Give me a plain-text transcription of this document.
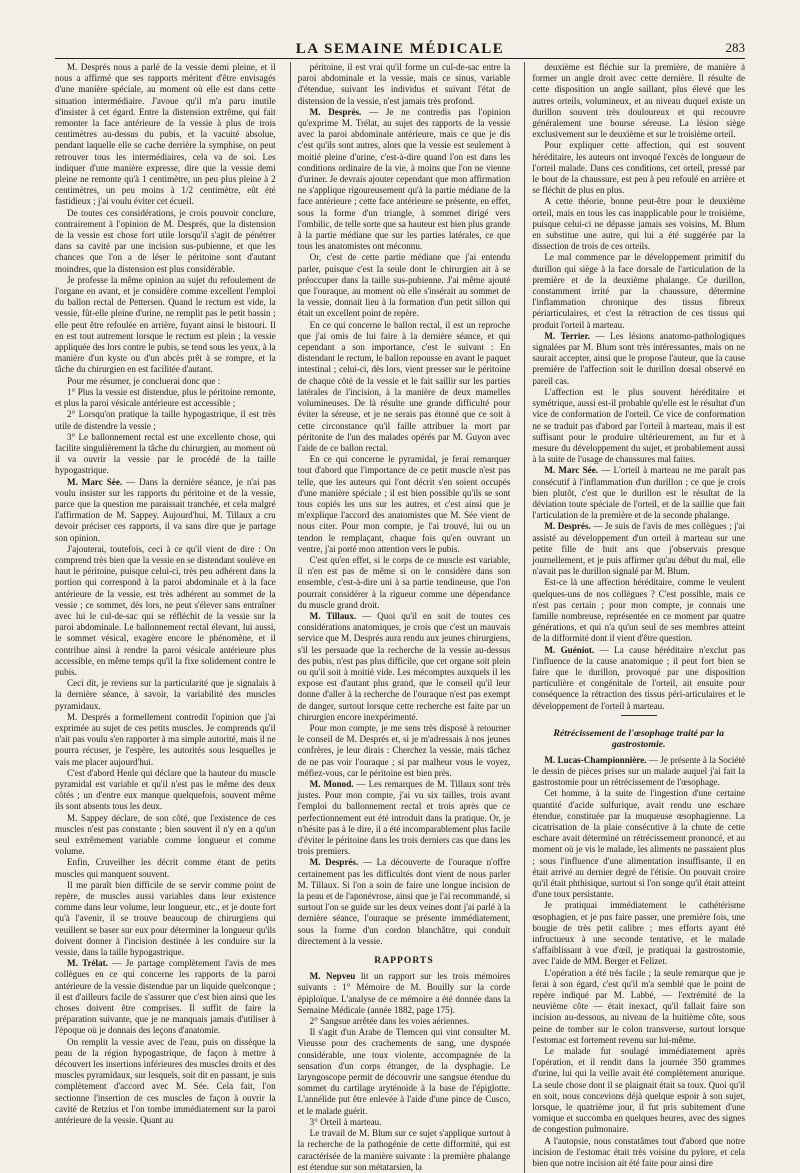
LA SEMAINE MÉDICALE	283

M. Després nous a parlé de la vessie demi pleine, et il nous a affirmé que ses rapports méritent d'être envisagés d'une manière spéciale, au moment où elle est dans cette situation intermédiaire. J'avoue qu'il m'a paru inutile d'insister à cet égard. Entre la distension extrême, qui fait remonter la face antérieure de la vessie à plus de trois centimètres au-dessus du pubis, et la vacuité absolue, pendant laquelle elle se cache derrière la symphise, on peut retrouver tous les intermédiaires, cela va de soi. Les indiquer d'une manière expresse, dire que la vessie demi pleine ne remonte qu'à 1 centimètre, un peu plus pleine à 2 centimètres, un peu moins à 1/2 centimètre, eût été fastidieux ; j'ai voulu éviter cet écueil.

De toutes ces considérations, je crois pouvoir conclure, contrairement à l'opinion de M. Després, que la distension de la vessie est chose fort utile lorsqu'il s'agit de pénétrer dans sa cavité par une incision sus-pubienne, et que les chances que l'on a de léser le péritoine sont d'autant moindres, que la distension est plus considérable.

Je professe la même opinion au sujet du refoulement de l'organe en avant, et je considère comme excellent l'emploi du ballon rectal de Pettersen. Quand le rectum est vide, la vessie, fût-elle pleine d'urine, ne remplit pas le petit bassin ; elle peut être refoulée en arrière, fuyant ainsi le bistouri. Il en est tout autrement lorsque le rectum est plein ; la vessie appliquée des lors contre le pubis, se tend sous les yeux, à la manière d'un kyste ou d'un abcès prêt à se rompre, et la tâche du chirurgien en est facilitée d'autant.

Pour me résumer, je concluerai donc que :

1° Plus la vessie est distendue, plus le péritoine remonte, et plus la paroi vésicale antérieure est accessible ;

2° Lorsqu'on pratique la taille hypogastrique, il est très utile de distendre la vessie ;

3° Le ballonnement rectal est une excellente chose, qui facilite singulièrement la tâche du chirurgien, au moment où il va ouvrir la vessie par le procédé de la taille hypogastrique.

M. Marc Sée. — Dans la dernière séance, je n'ai pas voulu insister sur les rapports du péritoine et de la vessie, parce que la question me paraissait tranchée, et cela malgré l'affirmation de M. Sappey. Aujourd'hui, M. Tillaux a cru devoir préciser ces rapports, il va sans dire que je partage son opinion.

J'ajouterai, toutefois, ceci à ce qu'il vient de dire : On comprend très bien que la vessie en se distendant soulève en haut le péritoine, puisque celui-ci, très peu adhérent dans la portion qui correspond à la paroi abdominale et à la face antérieure de la vessie, est très adhérent au sommet de la vessie ; ce sommet, dès lors, ne peut s'élever sans entraîner avec lui le cul-de-sac qui se réfléchit de la vessie sur la paroi abdominale. Le ballonnement rectal élevant, lui aussi, le sommet vésical, exagère encore le phénomène, et il contribue ainsi à rendre la paroi vésicale antérieure plus accessible, en même temps qu'il la fixe solidement contre le pubis.

Ceci dit, je reviens sur la particularité que je signalais à la dernière séance, à savoir, la variabilité des muscles pyramidaux.

M. Després a formellement contredit l'opinion que j'ai exprimée au sujet de ces petits muscles. Je comprends qu'il n'ait pas voulu s'en rapporter à ma simple autorité, mais il ne pourra récuser, je l'espère, les autorités sous lesquelles je vais me placer aujourd'hui.

C'est d'abord Henle qui déclare que la hauteur du muscle pyramidal est variable et qu'il n'est pas le même des deux côtés ; un d'entre eux manque quelquefois, souvent même ils sont absents tous les deux.

M. Sappey déclare, de son côté, que l'existence de ces muscles n'est pas constante ; bien souvent il n'y en a qu'un seul extrêmement variable comme longueur et comme volume.

Enfin, Cruveilher les décrit comme étant de petits muscles qui manquent souvent.

Il me paraît bien difficile de se servir comme point de repère, de muscles aussi variables dans leur existence comme dans leur volume, leur longueur, etc., et je doute fort qu'à l'avenir, il se trouve beaucoup de chirurgiens qui veuillent se baser sur eux pour déterminer la longueur qu'ils doivent donner à l'incision destinée à les conduire sur la vessie, dans la taille hypogastrique.

M. Trélat. — Je partage complètement l'avis de mes collègues en ce qui concerne les rapports de la paroi antérieure de la vessie distendue par un liquide quelconque ; il est d'ailleurs facile de s'assurer que c'est bien ainsi que les choses doivent être comprises. Il suffit de faire la préparation suivante, que je ne manquais jamais d'utiliser à l'époque où je donnais des leçons d'anatomie.

On remplit la vessie avec de l'eau, puis on dissèque la peau de la région hypogastrique, de façon à mettre à découvert les insertions inférieures des muscles droits et des muscles pyramidaux, sur lesquels, soit dit en passant, je suis complètement d'accord avec M. Sée. Cela fait, l'on sectionne l'insertion de ces muscles de façon à ouvrir la cavité de Retzius et l'on tombe immédiatement sur la paroi antérieure de la vessie. Quant au

péritoine, il est vrai qu'il forme un cul-de-sac entre la paroi abdominale et la vessie, mais ce sinus, variable d'étendue, suivant les individus et suivant l'état de distension de la vessie, n'est jamais très profond.

M. Després. — Je ne contredis pas l'opinion qu'exprime M. Trélat, au sujet des rapports de la vessie avec la paroi abdominale antérieure, mais ce que je dis c'est qu'ils sont autres, alors que la vessie est seulement à moitié pleine d'urine, c'est-à-dire quand l'on est dans les conditions ordinaire de la vie, à moins que l'on ne vienne d'uriner. Je devrais ajouter cependant que mon affirmation ne s'applique rigoureusement qu'à la partie médiane de la face antérieure ; cette face antérieure se présente, en effet, sous la forme d'un triangle, à sommet dirigé vers l'ombilic, de telle sorte que sa hauteur est bien plus grande à la partie médiane que sur les parties latérales, ce que tous les anatomistes ont méconnu.

Or, c'est de cette partie médiane que j'ai entendu parler, puisque c'est la seule dont le chirurgien ait à se préoccuper dans la taille sus-pubienne. J'ai même ajouté que l'ouraque, au moment où elle s'insérait au sommet de la vessie, donnait lieu à la formation d'un petit sillon qui était un excellent point de repère.

En ce qui concerne le ballon rectal, il est un reproche que j'ai omis de lui faire à la dernière séance, et qui cependant a son importance, c'est le suivant : En distendant le rectum, le ballon repousse en avant le paquet intestinal ; celui-ci, dès lors, vient presser sur le péritoine de chaque côté de la vessie et le fait saillir sur les parties latérales de l'incision, à la manière de deux mamelles volumineuses. De là résulte une grande difficulté pour éviter la séreuse, et je ne serais pas étonné que ce soit à cette circonstance qu'il faille attribuer la mort par péritonite de l'un des malades opérés par M. Guyon avec l'aide de ce ballon rectal.

En ce qui concerne le pyramidal, je ferai remarquer tout d'abord que l'importance de ce petit muscle n'est pas telle, que les auteurs qui l'ont décrit s'en soient occupés d'une manière spéciale ; il est bien possible qu'ils se sont tous copiés les uns sur les autres, et c'est ainsi que je m'explique l'accord des anatomistes que M. Sée vient de nous citer. Pour mon compte, je l'ai trouvé, lui ou un tendon le remplaçant, chaque fois qu'en ouvrant un ventre, j'ai porté mon attention vers le pubis.

C'est qu'en effet, si le corps de ce muscle est variable, il n'en est pas de même si on le considère dans son ensemble, c'est-à-dire uni à sa partie tendineuse, que l'on pourrait considérer à la rigueur comme une dépendance du muscle grand droit.

M. Tillaux. — Quoi qu'il en soit de toutes ces considérations anatomiques, je crois que c'est un mauvais service que M. Després aura rendu aux jeunes chirurgiens, s'il les persuade que la recherche de la vessie au-dessus des pubis, n'est pas plus difficile, que cet organe soit plein ou qu'il soit à moitié vide. Les mécomptes auxquels il les expose est d'autant plus grand, que le conseil qu'il leur donne d'aller à la recherche de l'ouraque n'est pas exempt de danger, surtout lorsque cette recherche est faite par un chirurgien encore inexpérimenté.

Pour mon compte, je me sens très disposé à retourner le conseil de M. Després et, si je m'adressais à nos jeunes confrères, je leur dirais : Cherchez la vessie, mais tâchez de ne pas voir l'ouraque ; si par malheur vous le voyez, méfiez-vous, car le péritoine est bien près.

M. Monod. — Les remarques de M. Tillaux sont très justes. Pour mon compte, j'ai vu six tailles, trois avant l'emploi du ballonnement rectal et trois après que ce perfectionnement eut été introduit dans la pratique. Or, je n'hésite pas à le dire, il a été incomparablement plus facile d'éviter le péritoine dans les trois derniers cas que dans les trois premiers.

M. Després. — La découverte de l'ouraque n'offre certainement pas les difficultés dont vient de nous parler M. Tillaux. Si l'on a soin de faire une longue incision de la peau et de l'aponévrose, ainsi que je l'ai recommandé, si surtout l'on se guide sur les deux veines dont j'ai parlé à la dernière séance, l'ouraque se présente immédiatement, sous la forme d'un cordon blanchâtre, qui conduit directement à la vessie.

RAPPORTS

M. Nepveu lit un rapport sur les trois mémoires suivants : 1° Mémoire de M. Bouilly sur la corde épiploïque. L'analyse de ce mémoire a été donnée dans la Semaine Médicale (année 1882, page 175).

2° Sangsue arrêtée dans les voies aériennes.

Il s'agit d'un Arabe de Tlemcen qui vint consulter M. Vieusse pour des crachements de sang, une dyspnée considérable, une toux violente, accompagnée de la sensation d'un corps étranger, de la dysphagie. Le laryngoscope permit de découvrir une sangsue étendue du sommet du cartilage aryténoïde à la base de l'épiglotte. L'annélide put être enlevée à l'aide d'une pince de Cusco, et le malade guérit.

3° Orteil à marteau.

Le travail de M. Blum sur ce sujet s'applique surtout à la recherche de la pathogénie de cette difformité, qui est caractérisée de la manière suivante : la première phalange est étendue sur son métatarsien, la

deuxième est fléchie sur la première, de manière à former un angle droit avec cette dernière. Il résulte de cette disposition un angle saillant, plus élevé que les autres orteils, volumineux, et au niveau duquel existe un durillon souvent très douloureux et qui recouvre généralement une bourse séreuse. La lésion siège exclusivement sur le deuxième et sur le troisième orteil.

Pour expliquer cette affection, qui est souvent héréditaire, les auteurs ont invoqué l'excès de longueur de l'orteil malade. Dans ces conditions, cet orteil, pressé par le bout de la chaussure, est peu à peu refoulé en arrière et se fléchit de plus en plus.

A cette théorie, bonne peut-être pour le deuxième orteil, mais en tous les cas inapplicable pour le troisième, puisque celui-ci ne dépasse jamais ses voisins, M. Blum en substitue une autre, qui lui a été suggérée par la dissection de trois de ces orteils.

Le mal commence par le développement primitif du durillon qui siège à la face dorsale de l'articulation de la première et de la deuxième phalange. Ce durillon, constamment irrité par la chaussure, détermine l'inflammation chronique des tissus fibreux périarticulaires, et c'est la rétraction de ces tissus qui produit l'orteil à marteau.

M. Terrier. — Les lésions anatomo-pathologiques signalées par M. Blum sont très intéressantes, mais on ne saurait accepter, ainsi que le propose l'auteur, que la cause première de l'affection soit le durillon dorsal observé en pareil cas.

L'affection est le plus souvent héréditaire et symétrique, aussi est-il probable qu'elle est le résultat d'un vice de conformation de l'orteil. Ce vice de conformation ne se traduit pas d'abord par l'orteil à marteau, mais il est suffisant pour le produire ultérieurement, au fur et à mesure du développement du sujet, et probablement aussi à la suite de l'usage de chaussures mal faites.

M. Marc Sée. — L'orteil à marteau ne me paraît pas consécutif à l'inflammation d'un durillon ; ce que je crois bien plutôt, c'est que le durillon est le résultat de la déviation toute spéciale de l'orteil, et de la saillie que fait l'articulation de la première et de la seconde phalange.

M. Després. — Je suis de l'avis de mes collègues ; j'ai assisté au développement d'un orteil à marteau sur une petite fille de huit ans que j'observais presque journellement, et je puis affirmer qu'au début du mal, elle n'avait pas le durillon signalé par M. Blum.

Est-ce là une affection héréditaire, comme le veulent quelques-uns de nos collègues ? C'est possible, mais ce n'est pas certain ; pour mon compte, je connais une famille nombreuse, représentée en ce moment par quatre générations, et qui n'a qu'un seul de ses membres atteint de la difformité dont il vient d'être question.

M. Guéniot. — La cause héréditaire n'exclut pas l'influence de la cause anatomique ; il peut fort bien se faire que le durillon, provoqué par une disposition particulière et congénitale de l'orteil, ait ensuite pour conséquence la rétraction des tissus péri-articulaires et le développement de l'orteil à marteau.

Rétrécissement de l'œsophage traité par la gastrostomie.

M. Lucas-Championnière. — Je présente à la Société le dessin de pièces prises sur un malade auquel j'ai fait la gastrostomie pour un rétrécissement de l'œsophage.

Cet homme, à la suite de l'ingestion d'une certaine quantité d'acide sulfurique, avait rendu une eschare étendue, constituée par la muqueuse œsophagienne. La cicatrisation de la plaie consécutive à la chute de cette eschare avait déterminé un rétrécissement prononcé, et au moment où je vis le malade, les aliments ne passaient plus ; sous l'influence d'une alimentation insuffisante, il en était arrivé au dernier degré de l'étisie. On pouvait croire qu'il était phthisique, surtout si l'on songe qu'il était atteint d'une toux persistante.

Je pratiquai immédiatement le cathétérisme œsophagien, et je pus faire passer, une première fois, une bougie de très petit calibre ; mes efforts ayant été infructueux à une seconde tentative, et le malade s'affaiblissant à vue d'œil, je pratiquai la gastrostomie, avec l'aide de MM. Berger et Felizet.

L'opération a été très facile ; la seule remarque que je ferai à son égard, c'est qu'il m'a semblé que le point de repère indiqué par M. Labbé, — l'extrémité de la neuvième côte — était inexact, qu'il fallait faire son incision au-dessous, au niveau de la huitième côte, sous peine de tomber sur le colon transverse, surtout lorsque l'estomac est fortement revenu sur lui-même.

Le malade fut soulagé immédiatement après l'opération, et il rendit dans la journée 350 grammes d'urine, lui qui la veille avait été complètement anurique. La seule chose dont il se plaignait était sa toux. Quoi qu'il en soit, nous concevions déjà quelque espoir à son sujet, lorsque, le quatrième jour, il fut pris subitement d'une vomique et succomba en quelques heures, avec des signes de congestion pulmonaire.

A l'autopsie, nous constatâmes tout d'abord que notre incision de l'estomac était très voisine du pylore, et cela bien que notre incision ait été faite pour ainsi dire
